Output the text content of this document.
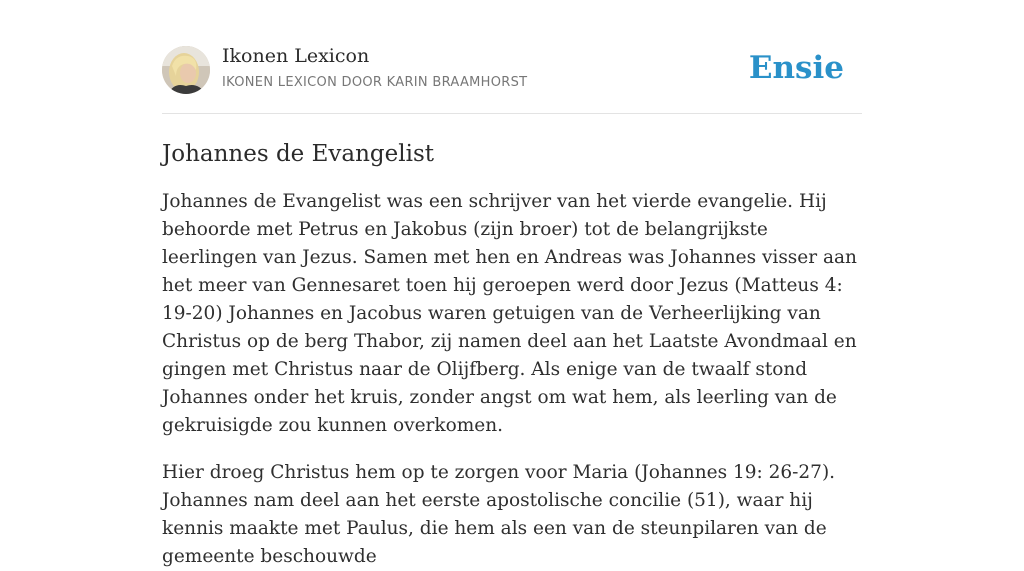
Ikonen Lexicon
IKONEN LEXICON DOOR KARIN BRAAMHORST	Ensie
Johannes de Evangelist

Johannes de Evangelist was een schrijver van het vierde evangelie. Hij behoorde met Petrus en Jakobus (zijn broer) tot de belangrijkste leerlingen van Jezus. Samen met hen en Andreas was Johannes visser aan het meer van Gennesaret toen hij geroepen werd door Jezus (Matteus 4: 19-20) Johannes en Jacobus waren getuigen van de Verheerlijking van Christus op de berg Thabor, zij namen deel aan het Laatste Avondmaal en gingen met Christus naar de Olijfberg. Als enige van de twaalf stond Johannes onder het kruis, zonder angst om wat hem, als leerling van de gekruisigde zou kunnen overkomen.

Hier droeg Christus hem op te zorgen voor Maria (Johannes 19: 26-27). Johannes nam deel aan het eerste apostolische concilie (51), waar hij kennis maakte met Paulus, die hem als een van de steunpilaren van de gemeente beschouwde
